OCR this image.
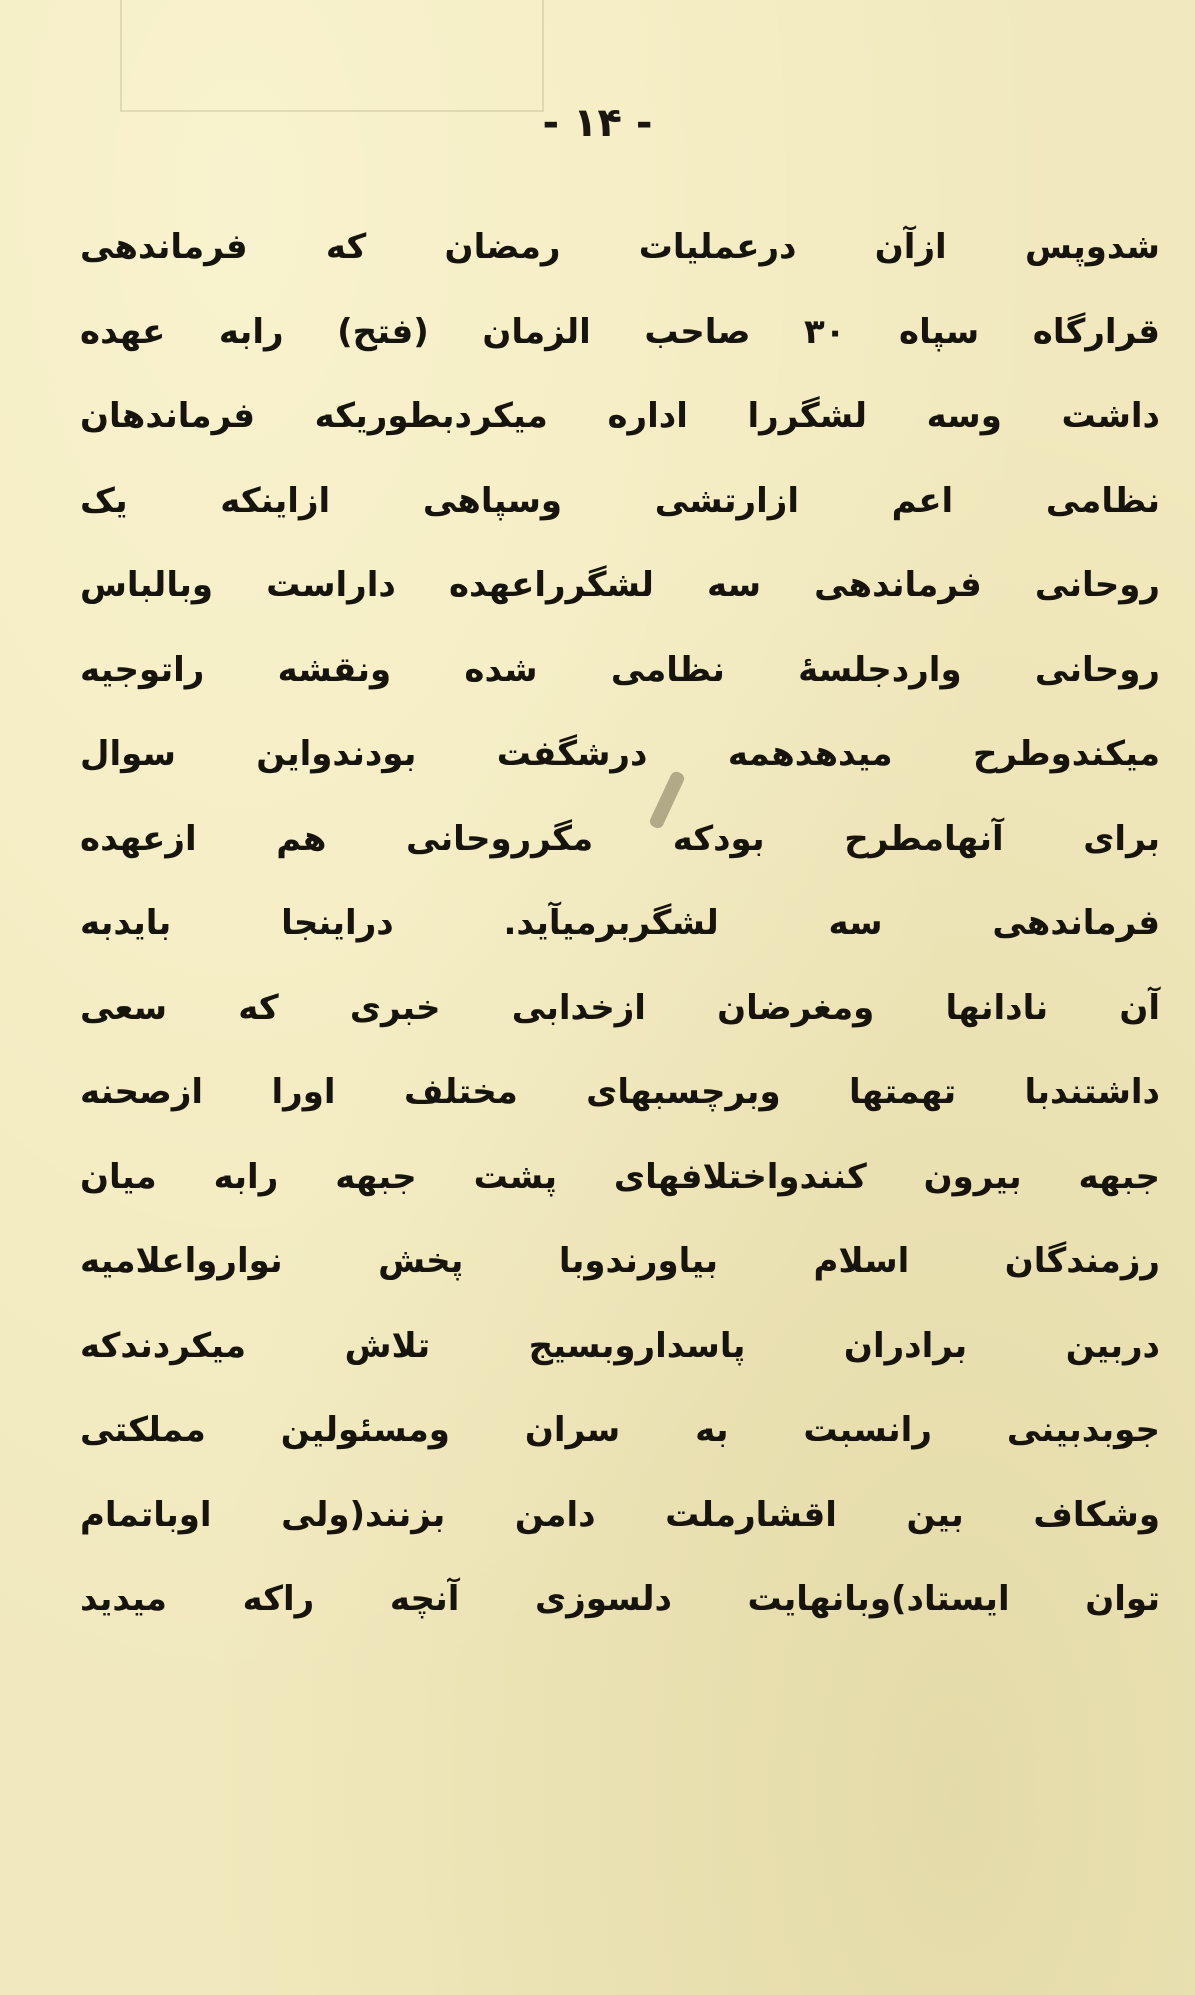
- ۱۴ -
شدوپس ازآن درعملیات رمضان که فرماندهی
قرارگاه سپاه ۳۰ صاحب الزمان (فتح) رابه عهده
داشت وسه لشگررا اداره میکردبطوریکه فرماندهان
نظامی اعم ازارتشی وسپاهی ازاینکه یک
روحانی فرماندهی سه لشگرراعهده داراست وبالباس
روحانی واردجلسهٔ نظامی شده ونقشه راتوجیه
میکندوطرح میدهدهمه درشگفت بودندواین سوال
برای آنهامطرح بودکه مگرروحانی هم ازعهده
فرماندهی سه لشگربرمیآید. دراینجا بایدبه
آن نادانها ومغرضان ازخدابی خبری که سعی
داشتندبا تهمتها وبرچسبهای مختلف اورا ازصحنه
جبهه بیرون کنندواختلافهای پشت جبهه رابه میان
رزمندگان اسلام بیاورندوبا پخش نوارواعلامیه
دربین برادران پاسداروبسیج تلاش میکردندکه
جوبدبینی رانسبت به سران ومسئولین مملکتی
وشکاف بین اقشارملت دامن بزنند(ولی اوباتمام
توان ایستاد)وبانهایت دلسوزی آنچه راکه میدید
